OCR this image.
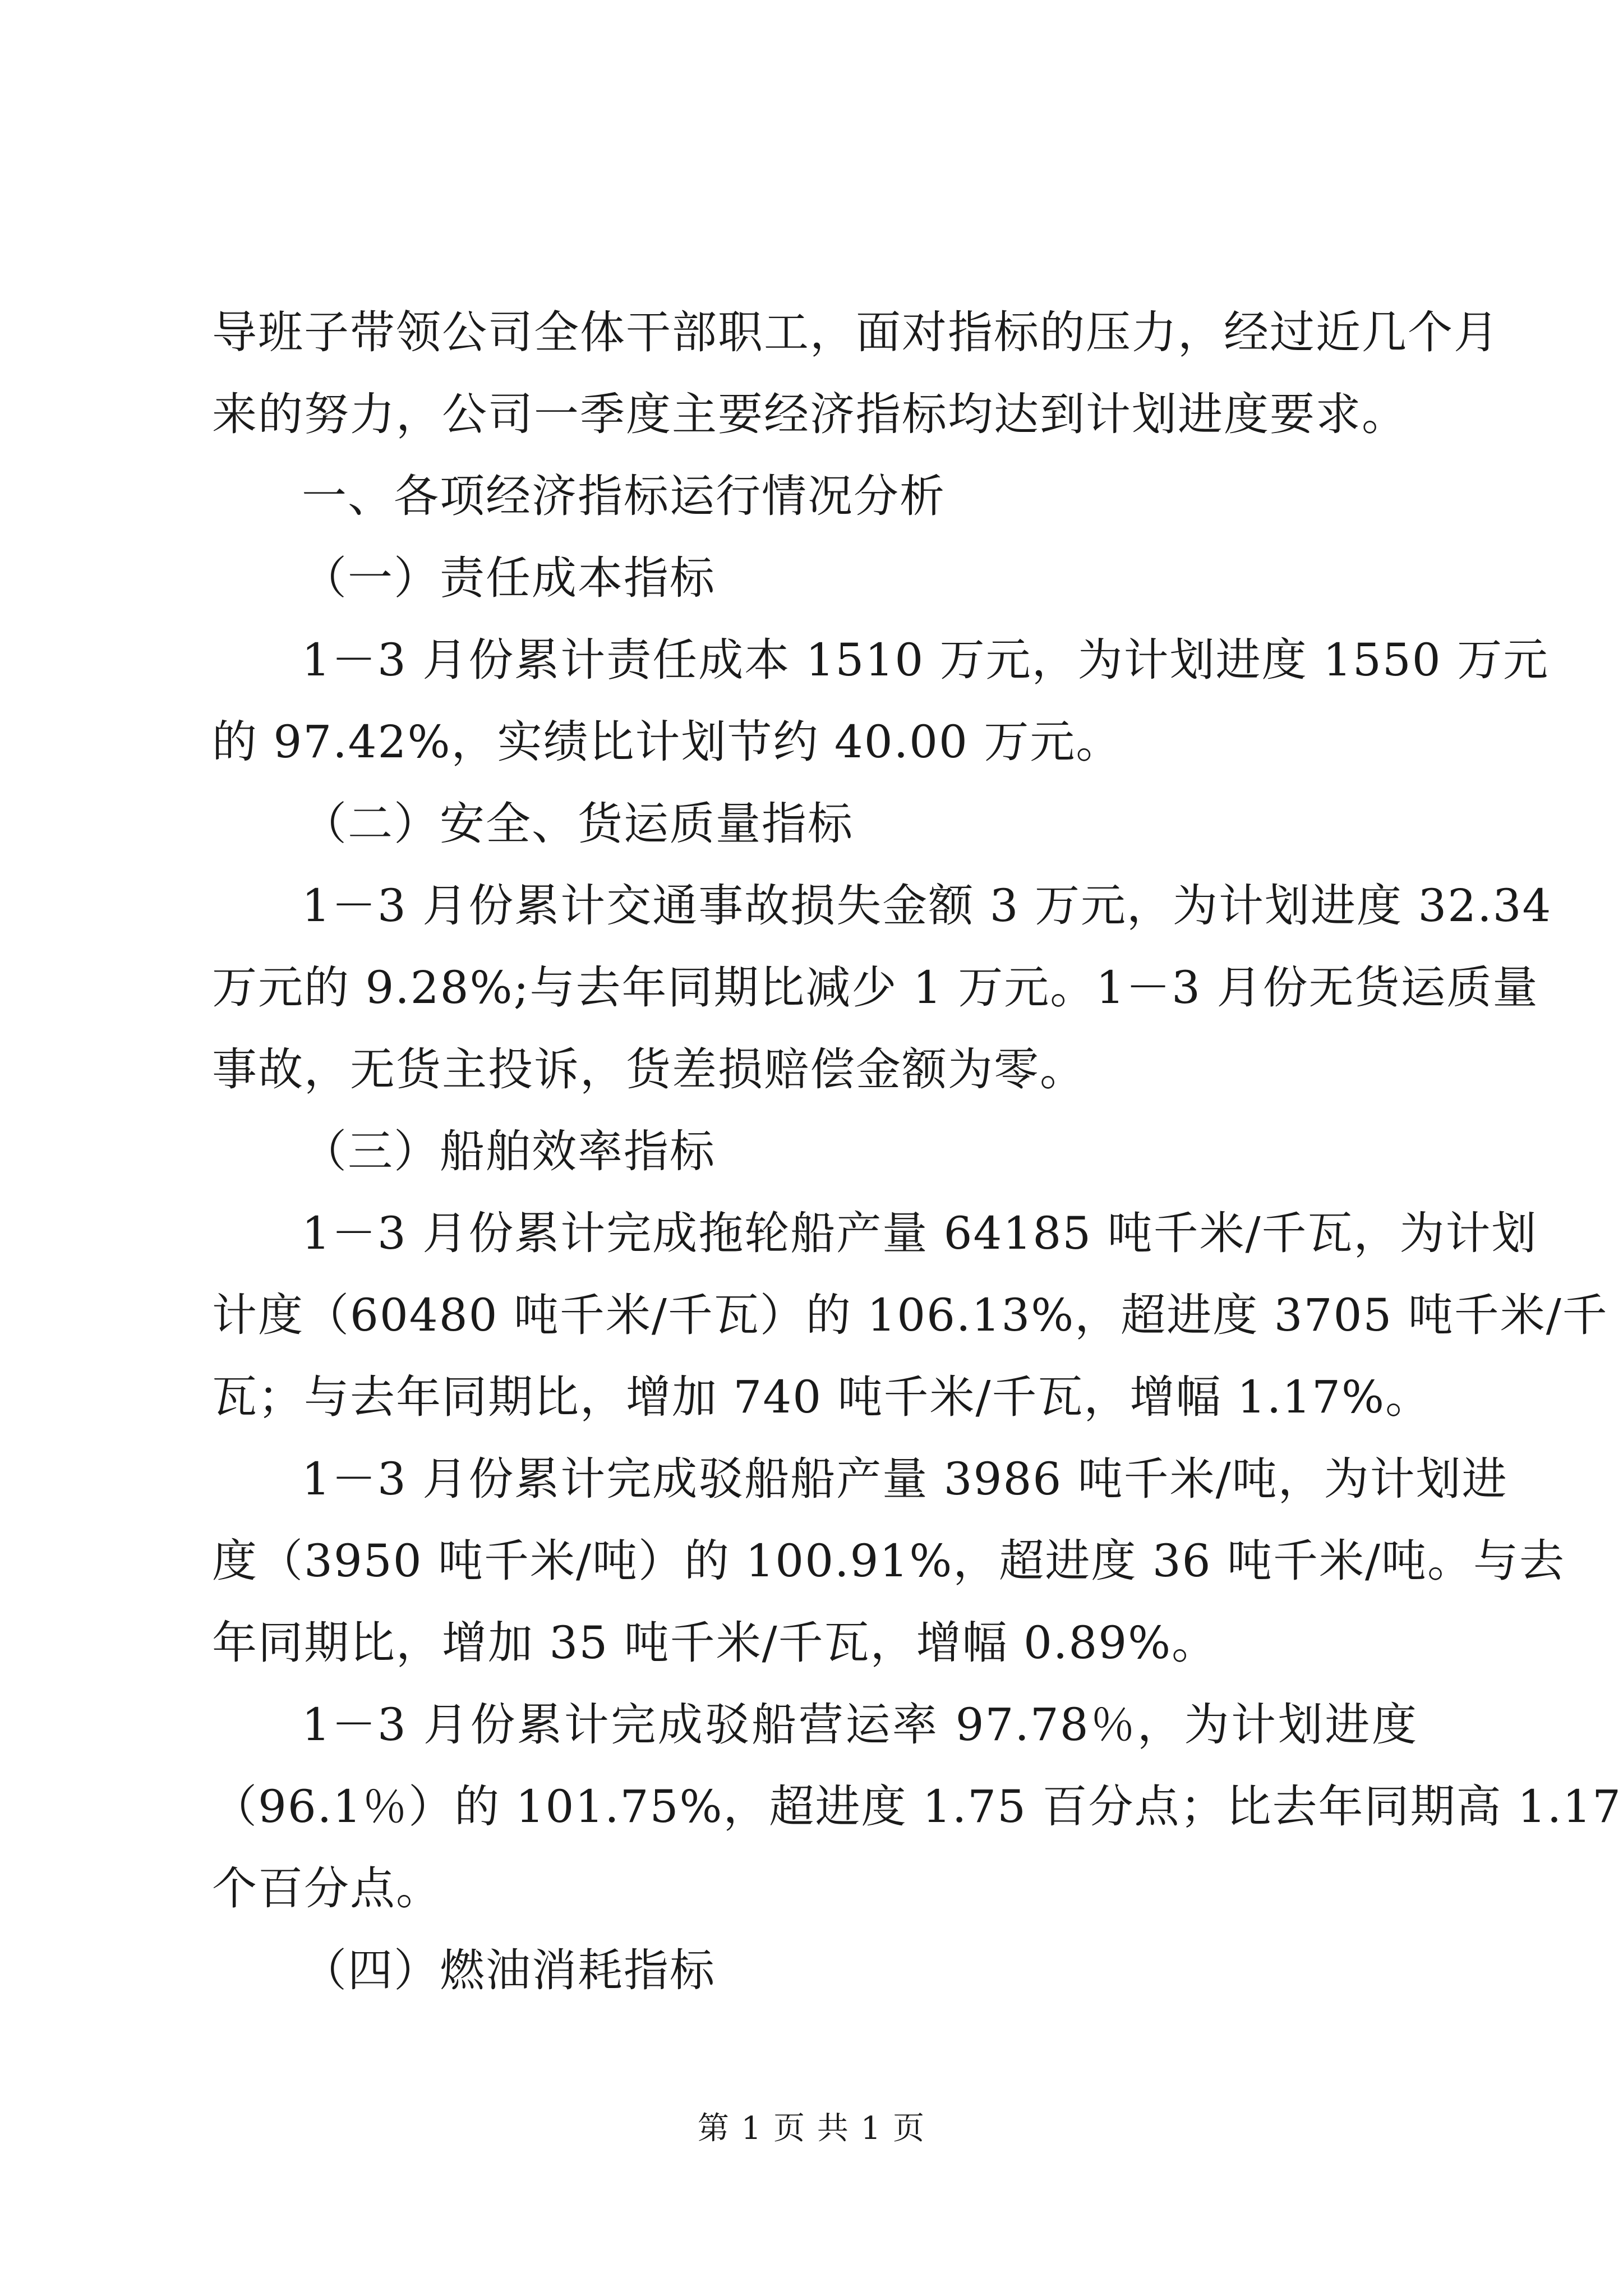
导班子带领公司全体干部职工，面对指标的压力，经过近几个月
来的努力，公司一季度主要经济指标均达到计划进度要求。
一、各项经济指标运行情况分析
（一）责任成本指标
1－3 月份累计责任成本 1510 万元，为计划进度 1550 万元
的 97.42%，实绩比计划节约 40.00 万元。
（二）安全、货运质量指标
1－3 月份累计交通事故损失金额 3 万元，为计划进度 32.34
万元的 9.28%;与去年同期比减少 1 万元。1－3 月份无货运质量
事故，无货主投诉，货差损赔偿金额为零。
（三）船舶效率指标
1－3 月份累计完成拖轮船产量 64185 吨千米/千瓦，为计划
计度（60480 吨千米/千瓦）的 106.13%，超进度 3705 吨千米/千
瓦；与去年同期比，增加 740 吨千米/千瓦，增幅 1.17%。
1－3 月份累计完成驳船船产量 3986 吨千米/吨，为计划进
度（3950 吨千米/吨）的 100.91%，超进度 36 吨千米/吨。与去
年同期比，增加 35 吨千米/千瓦，增幅 0.89%。
1－3 月份累计完成驳船营运率 97.78％，为计划进度
（96.1％）的 101.75%，超进度 1.75 百分点；比去年同期高 1.17
个百分点。
（四）燃油消耗指标
第 1 页 共 1 页
